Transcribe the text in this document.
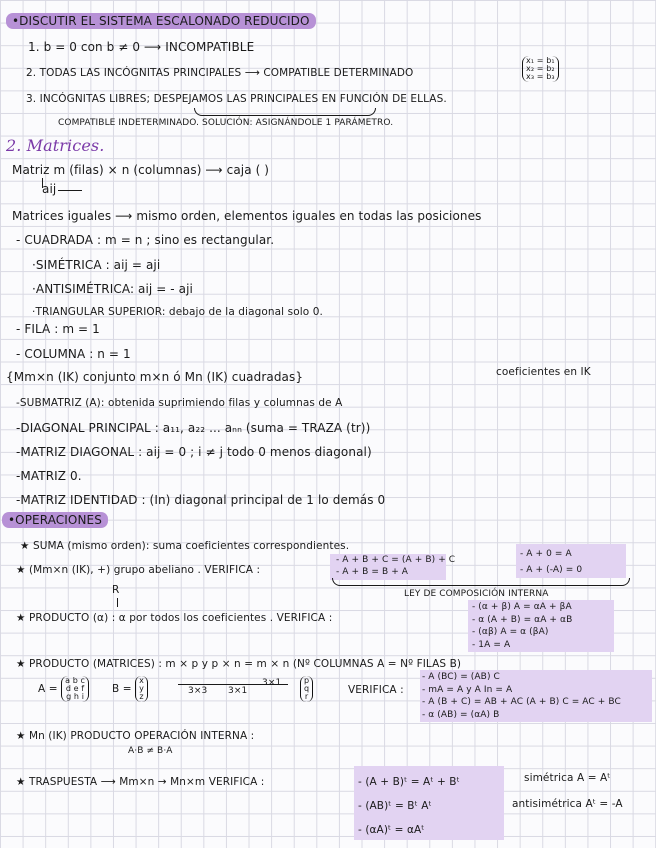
•DISCUTIR EL SISTEMA ESCALONADO REDUCIDO
1. b = 0 con b ≠ 0 ⟶ INCOMPATIBLE
2. TODAS LAS INCÓGNITAS PRINCIPALES ⟶ COMPATIBLE DETERMINADO
x₁ = b₁
x₂ = b₂
x₃ = b₃
3. INCÓGNITAS LIBRES; DESPEJAMOS LAS PRINCIPALES EN FUNCIÓN DE ELLAS.
COMPATIBLE INDETERMINADO. SOLUCIÓN: ASIGNÁNDOLE 1 PARÁMETRO.
2. Matrices.
Matriz m (filas) × n (columnas) ⟶ caja ( )
aij
Matrices iguales ⟶ mismo orden, elementos iguales en todas las posiciones
- CUADRADA : m = n ; sino es rectangular.
·SIMÉTRICA : aij = aji
·ANTISIMÉTRICA: aij = - aji
·TRIANGULAR SUPERIOR: debajo de la diagonal solo 0.
- FILA : m = 1
- COLUMNA : n = 1
{Mm×n (IK) conjunto m×n ó Mn (IK) cuadradas}	coeficientes en IK
-SUBMATRIZ (A): obtenida suprimiendo filas y columnas de A
-DIAGONAL PRINCIPAL : a₁₁, a₂₂ ... aₙₙ (suma = TRAZA (tr))
-MATRIZ DIAGONAL : aij = 0 ; i ≠ j todo 0 menos diagonal)
-MATRIZ 0.
-MATRIZ IDENTIDAD : (In) diagonal principal de 1 lo demás 0
•OPERACIONES
★ SUMA (mismo orden): suma coeficientes correspondientes.
★ (Mm×n (IK), +) grupo abeliano . VERIFICA :
- A + B + C = (A + B) + C
- A + B = B + A
- A + 0 = A
- A + (-A) = 0
LEY DE COMPOSICIÓN INTERNA
R
★ PRODUCTO (α) : α por todos los coeficientes . VERIFICA :
- (α + β) A = αA + βA
- α (A + B) = αA + αB
- (αβ) A = α (βA)
- 1A = A
★ PRODUCTO (MATRICES) : m × p y p × n = m × n (Nº COLUMNAS A = Nº FILAS B)
A = a b c
d e f
g h i
B = x
y
z
3×3 3×1
3×1	p
q
r
VERIFICA :
- A (BC) = (AB) C
- mA = A y A In = A
- A (B + C) = AB + AC (A + B) C = AC + BC
- α (AB) = (αA) B
★ Mn (IK) PRODUCTO OPERACIÓN INTERNA :
A·B ≠ B·A
★ TRASPUESTA ⟶ Mm×n → Mn×m VERIFICA :	- (A + B)ᵗ = Aᵗ + Bᵗ
- (AB)ᵗ = Bᵗ Aᵗ
- (αA)ᵗ = αAᵗ
simétrica A = Aᵗ
antisimétrica Aᵗ = -A
